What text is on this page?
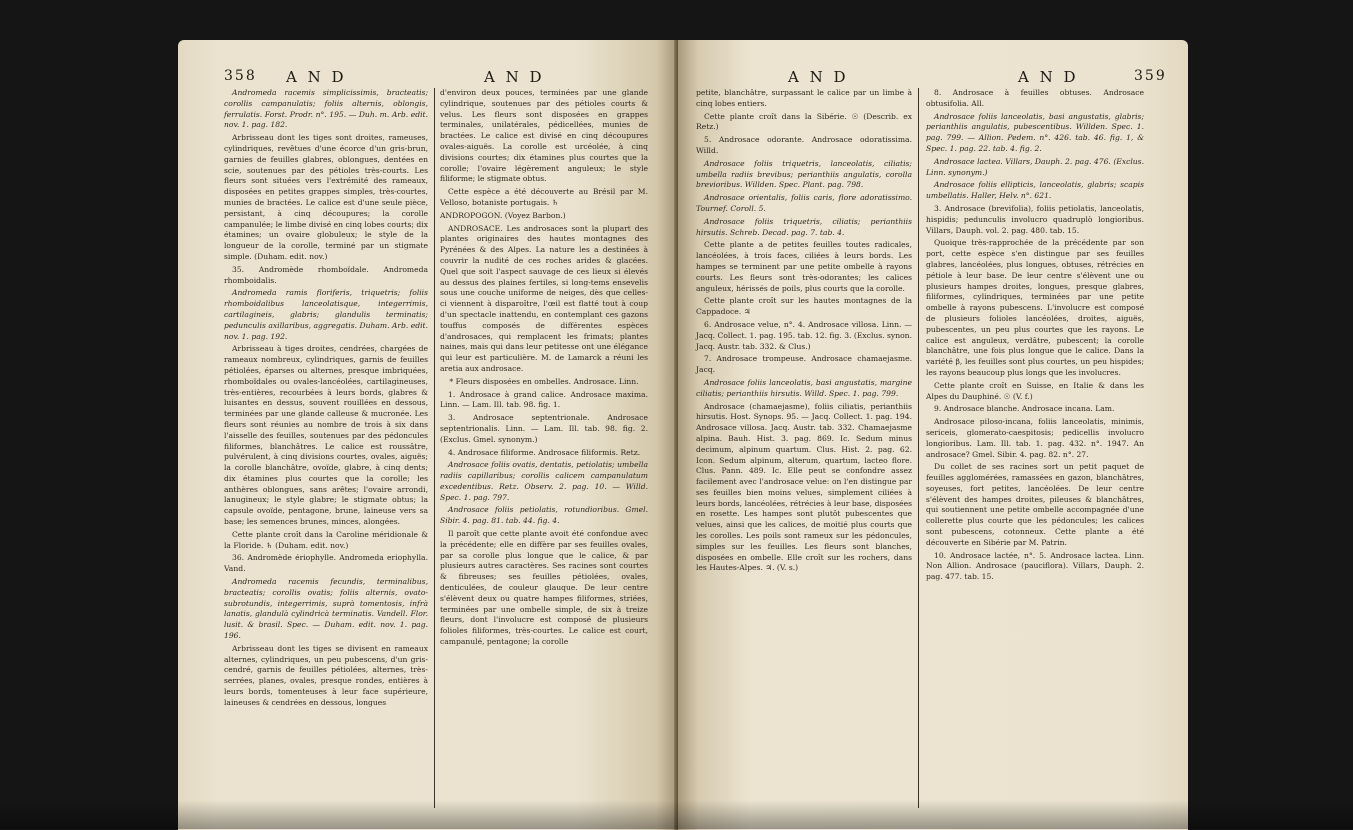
358 A N D	A N D

Andromeda racemis simplicissimis, bracteatis; corollis campanulatis; foliis alternis, oblongis, ferrulatis. Forst. Prodr. n°. 195. — Duh. m. Arb. edit. nov. 1. pag. 182.

Arbrisseau dont les tiges sont droites, rameuses, cylindriques, revêtues d'une écorce d'un gris-brun, garnies de feuilles glabres, oblongues, dentées en scie, soutenues par des pétioles très-courts. Les fleurs sont situées vers l'extrémité des rameaux, disposées en petites grappes simples, très-courtes, munies de bractées. Le calice est d'une seule pièce, persistant, à cinq découpures; la corolle campanulée; le limbe divisé en cinq lobes courts; dix étamines; un ovaire globuleux; le style de la longueur de la corolle, terminé par un stigmate simple. (Duham. edit. nov.)

35. Andromède rhomboïdale. Andromeda rhomboidalis.

Andromeda ramis floriferis, triquetris; foliis rhomboidalibus lanceolatisque, integerrimis, cartilagineis, glabris; glandulis terminatis; pedunculis axillaribus, aggregatis. Duham. Arb. edit. nov. 1. pag. 192.

Arbrisseau à tiges droites, cendrées, chargées de rameaux nombreux, cylindriques, garnis de feuilles pétiolées, éparses ou alternes, presque imbriquées, rhomboïdales ou ovales-lancéolées, cartilagineuses, très-entières, recourbées à leurs bords, glabres & luisantes en dessus, souvent rouillées en dessous, terminées par une glande calleuse & mucronée. Les fleurs sont réunies au nombre de trois à six dans l'aisselle des feuilles, soutenues par des pédoncules filiformes, blanchâtres. Le calice est roussâtre, pulvérulent, à cinq divisions courtes, ovales, aiguës; la corolle blanchâtre, ovoïde, glabre, à cinq dents; dix étamines plus courtes que la corolle; les anthères oblongues, sans arêtes; l'ovaire arrondi, lanugineux; le style glabre; le stigmate obtus; la capsule ovoïde, pentagone, brune, laineuse vers sa base; les semences brunes, minces, alongées.

Cette plante croît dans la Caroline méridionale & la Floride. ♄ (Duham. edit. nov.)

36. Andromède ériophylle. Andromeda eriophylla. Vand.

Andromeda racemis fecundis, terminalibus, bracteatis; corollis ovatis; foliis alternis, ovato-subrotundis, integerrimis, suprà tomentosis, infrà lanatis, glandulà cylindricà terminatis. Vandell. Flor. lusit. & brasil. Spec. — Duham. edit. nov. 1. pag. 196.

Arbrisseau dont les tiges se divisent en rameaux alternes, cylindriques, un peu pubescens, d'un gris-cendré, garnis de feuilles pétiolées, alternes, très-serrées, planes, ovales, presque rondes, entières à leurs bords, tomenteuses à leur face supérieure, laineuses & cendrées en dessous, longues

d'environ deux pouces, terminées par une glande cylindrique, soutenues par des pétioles courts & velus. Les fleurs sont disposées en grappes terminales, unilatérales, pédicellées, munies de bractées. Le calice est divisé en cinq découpures ovales-aiguës. La corolle est urcéolée, à cinq divisions courtes; dix étamines plus courtes que la corolle; l'ovaire légèrement anguleux; le style filiforme; le stigmate obtus.

Cette espèce a été découverte au Brésil par M. Velloso, botaniste portugais. ♄

ANDROPOGON. (Voyez Barbon.)

ANDROSACE. Les androsaces sont la plupart des plantes originaires des hautes montagnes des Pyrénées & des Alpes. La nature les a destinées à couvrir la nudité de ces roches arides & glacées. Quel que soit l'aspect sauvage de ces lieux si élevés au dessus des plaines fertiles, si long-tems ensevelis sous une couche uniforme de neiges, dès que celles-ci viennent à disparoître, l'œil est flatté tout à coup d'un spectacle inattendu, en contemplant ces gazons touffus composés de différentes espèces d'androsaces, qui remplacent les frimats; plantes naines, mais qui dans leur petitesse ont une élégance qui leur est particulière. M. de Lamarck a réuni les aretia aux androsace.

* Fleurs disposées en ombelles. Androsace. Linn.

1. Androsace à grand calice. Androsace maxima. Linn. — Lam. Ill. tab. 98. fig. 1.

3. Androsace septentrionale. Androsace septentrionalis. Linn. — Lam. Ill. tab. 98. fig. 2. (Exclus. Gmel. synonym.)

4. Androsace filiforme. Androsace filiformis. Retz.

Androsace foliis ovatis, dentatis, petiolatis; umbella radiis capillaribus; corollis calicem campanulatum excedentibus. Retz. Observ. 2. pag. 10. — Willd. Spec. 1. pag. 797.

Androsace foliis petiolatis, rotundioribus. Gmel. Sibir. 4. pag. 81. tab. 44. fig. 4.

Il paroît que cette plante avoit été confondue avec la précédente; elle en diffère par ses feuilles ovales, par sa corolle plus longue que le calice, & par plusieurs autres caractères. Ses racines sont courtes & fibreuses; ses feuilles pétiolées, ovales, denticulées, de couleur glauque. De leur centre s'élèvent deux ou quatre hampes filiformes, striées, terminées par une ombelle simple, de six à treize fleurs, dont l'involucre est composé de plusieurs folioles filiformes, très-courtes. Le calice est court, campanulé, pentagone; la corolle

A N D	A N D	359

petite, blanchâtre, surpassant le calice par un limbe à cinq lobes entiers.

Cette plante croît dans la Sibérie. ☉ (Describ. ex Retz.)

5. Androsace odorante. Androsace odoratissima. Willd.

Androsace foliis triquetris, lanceolatis, ciliatis; umbella radiis brevibus; perianthiis angulatis, corolla brevioribus. Willden. Spec. Plant. pag. 798.

Androsace orientalis, foliis caris, flore adoratissimo. Tournef. Coroll. 5.

Androsace foliis triquetris, ciliatis; perianthiis hirsutis. Schreb. Decad. pag. 7. tab. 4.

Cette plante a de petites feuilles toutes radicales, lancéolées, à trois faces, ciliées à leurs bords. Les hampes se terminent par une petite ombelle à rayons courts. Les fleurs sont très-odorantes; les calices anguleux, hérissés de poils, plus courts que la corolle.

Cette plante croît sur les hautes montagnes de la Cappadoce. ♃

6. Androsace velue, n°. 4. Androsace villosa. Linn. — Jacq. Collect. 1. pag. 195. tab. 12. fig. 3. (Exclus. synon. Jacq. Austr. tab. 332. & Clus.)

7. Androsace trompeuse. Androsace chamaejasme. Jacq.

Androsace foliis lanceolatis, basi angustatis, margine ciliatis; perianthiis hirsutis. Willd. Spec. 1. pag. 799.

Androsace (chamaejasme), foliis ciliatis, perianthiis hirsutis. Host. Synops. 95. — Jacq. Collect. 1. pag. 194. Androsace villosa. Jacq. Austr. tab. 332. Chamaejasme alpina. Bauh. Hist. 3. pag. 869. Ic. Sedum minus decimum, alpinum quartum. Clus. Hist. 2. pag. 62. Icon. Sedum alpinum, alterum, quartum, lacteo flore. Clus. Pann. 489. Ic. Elle peut se confondre assez facilement avec l'androsace velue: on l'en distingue par ses feuilles bien moins velues, simplement ciliées à leurs bords, lancéolées, rétrécies à leur base, disposées en rosette. Les hampes sont plutôt pubescentes que velues, ainsi que les calices, de moitié plus courts que les corolles. Les poils sont rameux sur les pédoncules, simples sur les feuilles. Les fleurs sont blanches, disposées en ombelle. Elle croît sur les rochers, dans les Hautes-Alpes. ♃. (V. s.)

8. Androsace à feuilles obtuses. Androsace obtusifolia. All.

Androsace foliis lanceolatis, basi angustatis, glabris; perianthiis angulatis, pubescentibus. Willden. Spec. 1. pag. 799. — Allion. Pedem. n°. 426. tab. 46. fig. 1, & Spec. 1. pag. 22. tab. 4. fig. 2.

Androsace lactea. Villars, Dauph. 2. pag. 476. (Exclus. Linn. synonym.)

Androsace foliis ellipticis, lanceolatis, glabris; scapis umbellatis. Haller, Helv. n°. 621.

3. Androsace (brevifolia), foliis petiolatis, lanceolatis, hispidis; pedunculis involucro quadruplò longioribus. Villars, Dauph. vol. 2. pag. 480. tab. 15.

Quoique très-rapprochée de la précédente par son port, cette espèce s'en distingue par ses feuilles glabres, lancéolées, plus longues, obtuses, rétrécies en pétiole à leur base. De leur centre s'élèvent une ou plusieurs hampes droites, longues, presque glabres, filiformes, cylindriques, terminées par une petite ombelle à rayons pubescens. L'involucre est composé de plusieurs folioles lancéolées, droites, aiguës, pubescentes, un peu plus courtes que les rayons. Le calice est anguleux, verdâtre, pubescent; la corolle blanchâtre, une fois plus longue que le calice. Dans la variété β, les feuilles sont plus courtes, un peu hispides; les rayons beaucoup plus longs que les involucres.

Cette plante croît en Suisse, en Italie & dans les Alpes du Dauphiné. ☉ (V. f.)

9. Androsace blanche. Androsace incana. Lam.

Androsace piloso-incana, foliis lanceolatis, minimis, sericeis, glomerato-caespitosis; pedicellis involucro longioribus. Lam. Ill. tab. 1. pag. 432. n°. 1947. An androsace? Gmel. Sibir. 4. pag. 82. n°. 27.

Du collet de ses racines sort un petit paquet de feuilles agglomérées, ramassées en gazon, blanchâtres, soyeuses, fort petites, lancéolées. De leur centre s'élèvent des hampes droites, pileuses & blanchâtres, qui soutiennent une petite ombelle accompagnée d'une collerette plus courte que les pédoncules; les calices sont pubescens, cotonneux. Cette plante a été découverte en Sibérie par M. Patrin.

10. Androsace lactée, n°. 5. Androsace lactea. Linn. Non Allion. Androsace (pauciflora). Villars, Dauph. 2. pag. 477. tab. 15.
